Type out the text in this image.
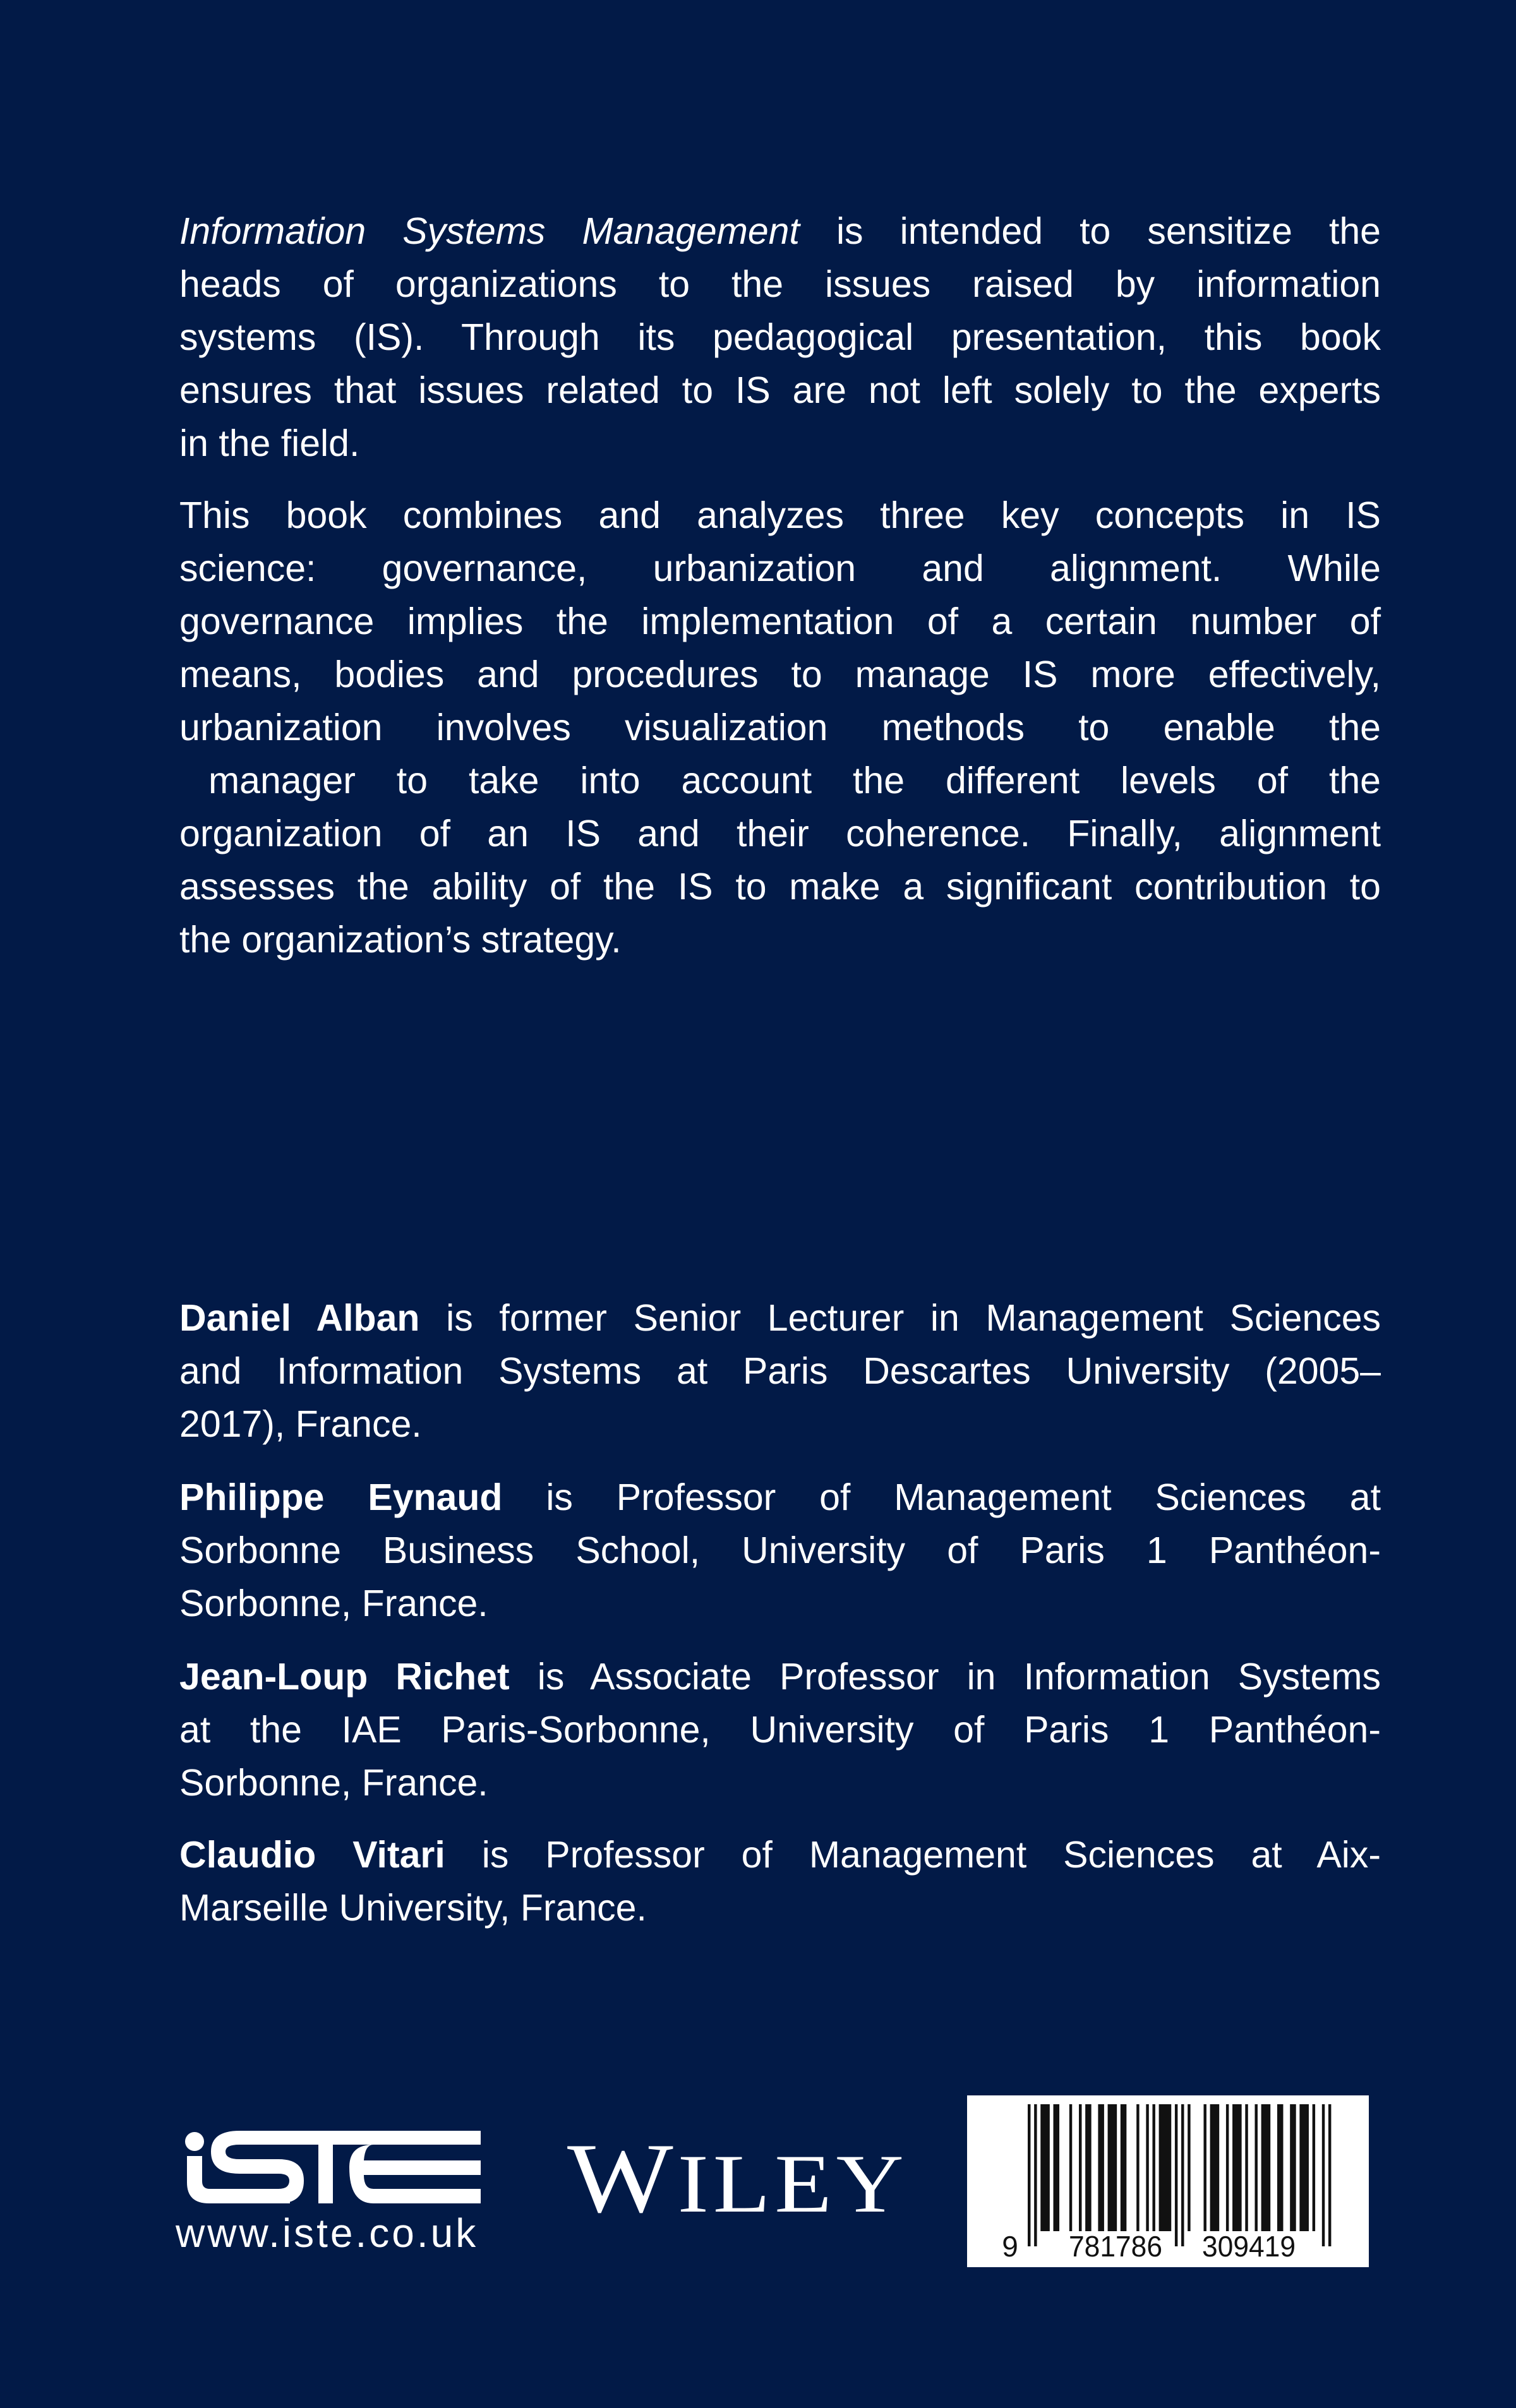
Information Systems Management is intended to sensitize the
heads of organizations to the issues raised by information
systems (IS). Through its pedagogical presentation, this book
ensures that issues related to IS are not left solely to the experts
in the field.
This book combines and analyzes three key concepts in IS
science: governance, urbanization and alignment. While
governance implies the implementation of a certain number of
means, bodies and procedures to manage IS more effectively,
urbanization involves visualization methods to enable the
manager to take into account the different levels of the
organization of an IS and their coherence. Finally, alignment
assesses the ability of the IS to make a significant contribution to
the organization’s strategy.
Daniel Alban is former Senior Lecturer in Management Sciences
and Information Systems at Paris Descartes University (2005–
2017), France.
Philippe Eynaud is Professor of Management Sciences at
Sorbonne Business School, University of Paris 1 Panthéon-
Sorbonne, France.
Jean-Loup Richet is Associate Professor in Information Systems
at the IAE Paris-Sorbonne, University of Paris 1 Panthéon-
Sorbonne, France.
Claudio Vitari is Professor of Management Sciences at Aix-
Marseille University, France.
www.iste.co.uk WILEY
9 781786 309419
